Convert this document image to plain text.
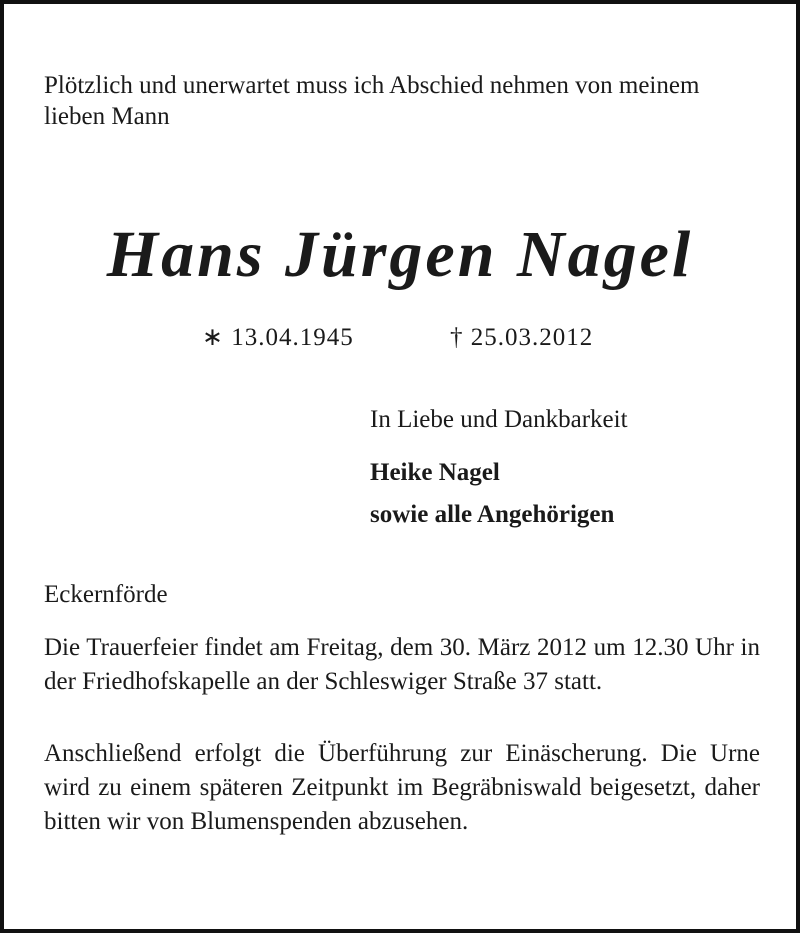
Plötzlich und unerwartet muss ich Abschied nehmen von meinem lieben Mann

Hans Jürgen Nagel
∗ 13.04.1945	† 25.03.2012

In Liebe und Dankbarkeit

Heike Nagel

sowie alle Angehörigen

Eckernförde

Die Trauerfeier findet am Freitag, dem 30. März 2012 um 12.30 Uhr in der Friedhofskapelle an der Schleswiger Straße 37 statt.

Anschließend erfolgt die Überführung zur Einäscherung. Die Urne wird zu einem späteren Zeitpunkt im Begräbniswald beigesetzt, daher bitten wir von Blumenspenden abzusehen.
